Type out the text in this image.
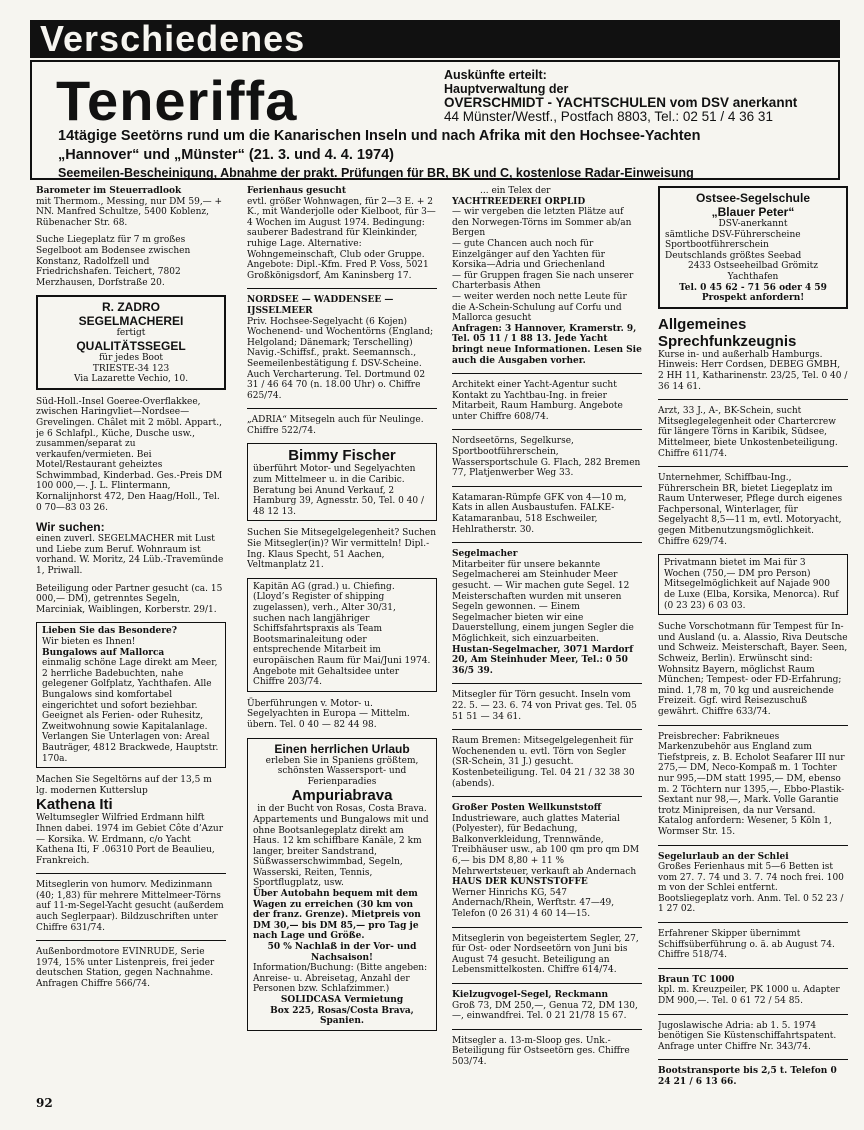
Verschiedenes
Teneriffa	Auskünfte erteilt:
Hauptverwaltung der
OVERSCHMIDT - YACHTSCHULEN vom DSV anerkannt
44 Münster/Westf., Postfach 8803, Tel.: 02 51 / 4 36 31
14tägige Seetörns rund um die Kanarischen Inseln und nach Afrika mit den Hochsee-Yachten
„Hannover“ und „Münster“ (21. 3. und 4. 4. 1974)
Seemeilen-Bescheinigung, Abnahme der prakt. Prüfungen für BR, BK und C, kostenlose Radar-Einweisung

Barometer im Steuerradlook

mit Thermom., Messing, nur DM 59,— + NN. Manfred Schultze, 5400 Koblenz, Rübenacher Str. 68.

Suche Liegeplatz für 7 m großes Segelboot am Bodensee zwischen Konstanz, Radolfzell und Friedrichshafen. Teichert, 7802 Merzhausen, Dorfstraße 20.

R. ZADRO

SEGELMACHEREI

fertigt

QUALITÄTSSEGEL

für jedes Boot

TRIESTE-34 123

Via Lazarette Vechio, 10.

Süd-Holl.-Insel Goeree-Overflakkee, zwischen Haringvliet—Nordsee—Grevelingen. Châlet mit 2 möbl. Appart., je 6 Schlafpl., Küche, Dusche usw., zusammen/separat zu verkaufen/vermieten. Bei Motel/Restaurant geheiztes Schwimmbad, Kinderbad. Ges.-Preis DM 100 000,—. J. L. Flintermann, Kornalijnhorst 472, Den Haag/Holl., Tel. 0 70—83 03 26.

Wir suchen:

einen zuverl. SEGELMACHER mit Lust und Liebe zum Beruf. Wohnraum ist vorhand. W. Moritz, 24 Lüb.-Travemünde 1, Priwall.

Beteiligung oder Partner gesucht (ca. 15 000,— DM), getrenntes Segeln, Marciniak, Waiblingen, Korberstr. 29/1.

Lieben Sie das Besondere?

Wir bieten es Ihnen!

Bungalows auf Mallorca

einmalig schöne Lage direkt am Meer, 2 herrliche Badebuchten, nahe gelegener Golfplatz, Yachthafen. Alle Bungalows sind komfortabel eingerichtet und sofort beziehbar. Geeignet als Ferien- oder Ruhesitz, Zweitwohnung sowie Kapitalanlage. Verlangen Sie Unterlagen von: Areal Bauträger, 4812 Brackwede, Hauptstr. 170a.

Machen Sie Segeltörns auf der 13,5 m lg. modernen Kutterslup

Kathena Iti

Weltumsegler Wilfried Erdmann hilft Ihnen dabei. 1974 im Gebiet Côte d’Azur — Korsika. W. Erdmann, c/o Yacht Kathena Iti, F .06310 Port de Beaulieu, Frankreich.

Mitseglerin von humorv. Medizinmann (40; 1,83) für mehrere Mittelmeer-Törns auf 11-m-Segel-Yacht gesucht (außerdem auch Seglerpaar). Bildzuschriften unter Chiffre 631/74.

Außenbordmotore EVINRUDE, Serie 1974, 15% unter Listenpreis, frei jeder deutschen Station, gegen Nachnahme. Anfragen Chiffre 566/74.

Ferienhaus gesucht

evtl. größer Wohnwagen, für 2—3 E. + 2 K., mit Wanderjolle oder Kielboot, für 3—4 Wochen im August 1974. Bedingung: sauberer Badestrand für Kleinkinder, ruhige Lage. Alternative: Wohngemeinschaft, Club oder Gruppe. Angebote: Dipl.-Kfm. Fred P. Voss, 5021 Großkönigsdorf, Am Kaninsberg 17.

NORDSEE — WADDENSEE — IJSSELMEER

Priv. Hochsee-Segelyacht (6 Kojen) Wochenend- und Wochentörns (England; Helgoland; Dänemark; Terschelling) Navig.-Schiffsf., prakt. Seemannsch., Seemeilenbestätigung f. DSV-Scheine. Auch Vercharterung. Tel. Dortmund 02 31 / 46 64 70 (n. 18.00 Uhr) o. Chiffre 625/74.

„ADRIA“ Mitsegeln auch für Neulinge. Chiffre 522/74.

Bimmy Fischer

überführt Motor- und Segelyachten zum Mittelmeer u. in die Caribic. Beratung bei Anund Verkauf, 2 Hamburg 39, Agnesstr. 50, Tel. 0 40 / 48 12 13.

Suchen Sie Mitsegelgelegenheit? Suchen Sie Mitsegler(in)? Wir vermitteln! Dipl.-Ing. Klaus Specht, 51 Aachen, Veltmanplatz 21.

Kapitän AG (grad.) u. Chiefing. (Lloyd’s Register of shipping zugelassen), verh., Alter 30/31, suchen nach langjähriger Schiffsfahrtspraxis als Team Bootsmarinaleitung oder entsprechende Mitarbeit im europäischen Raum für Mai/Juni 1974. Angebote mit Gehaltsidee unter Chiffre 203/74.

Überführungen v. Motor- u. Segelyachten in Europa — Mittelm. übern. Tel. 0 40 — 82 44 98.

Einen herrlichen Urlaub

erleben Sie in Spaniens größtem, schönsten Wassersport- und Ferienparadies

Ampuriabrava

in der Bucht von Rosas, Costa Brava.

Appartements und Bungalows mit und ohne Bootsanlegeplatz direkt am Haus. 12 km schiffbare Kanäle, 2 km langer, breiter Sandstrand, Süßwasserschwimmbad, Segeln, Wasserski, Reiten, Tennis, Sportflugplatz, usw.

Über Autobahn bequem mit dem Wagen zu erreichen (30 km von der franz. Grenze). Mietpreis von DM 30,— bis DM 85,— pro Tag je nach Lage und Größe.

50 % Nachlaß in der Vor- und Nachsaison!

Information/Buchung: (Bitte angeben: Anreise- u. Abreisetag, Anzahl der Personen bzw. Schlafzimmer.)

SOLIDCASA Vermietung

Box 225, Rosas/Costa Brava, Spanien.

... ein Telex der

YACHTREEDEREI ORPLID

— wir vergeben die letzten Plätze auf den Norwegen-Törns im Sommer ab/an Bergen

— gute Chancen auch noch für Einzelgänger auf den Yachten für Korsika—Adria und Griechenland

— für Gruppen fragen Sie nach unserer Charterbasis Athen

— weiter werden noch nette Leute für die A-Schein-Schulung auf Corfu und Mallorca gesucht

Anfragen: 3 Hannover, Kramerstr. 9, Tel. 05 11 / 1 88 13. Jede Yacht bringt neue Informationen. Lesen Sie auch die Ausgaben vorher.

Architekt einer Yacht-Agentur sucht Kontakt zu Yachtbau-Ing. in freier Mitarbeit, Raum Hamburg. Angebote unter Chiffre 608/74.

Nordseetörns, Segelkurse, Sportbootführerschein, Wassersportschule G. Flach, 282 Bremen 77, Platjenwerber Weg 33.

Katamaran-Rümpfe GFK von 4—10 m, Kats in allen Ausbaustufen. FALKE-Katamaranbau, 518 Eschweiler, Hehlratherstr. 30.

Segelmacher

Mitarbeiter für unsere bekannte Segelmacherei am Steinhuder Meer gesucht. — Wir machen gute Segel. 12 Meisterschaften wurden mit unseren Segeln gewonnen. — Einem Segelmacher bieten wir eine Dauerstellung, einem jungen Segler die Möglichkeit, sich einzuarbeiten.

Hustan-Segelmacher, 3071 Mardorf 20, Am Steinhuder Meer, Tel.: 0 50 36/5 39.

Mitsegler für Törn gesucht. Inseln vom 22. 5. — 23. 6. 74 von Privat ges. Tel. 05 51 51 — 34 61.

Raum Bremen: Mitsegelgelegenheit für Wochenenden u. evtl. Törn von Segler (SR-Schein, 31 J.) gesucht. Kostenbeteiligung. Tel. 04 21 / 32 38 30 (abends).

Großer Posten Wellkunststoff

Industrieware, auch glattes Material (Polyester), für Bedachung, Balkonverkleidung, Trennwände, Treibhäuser usw., ab 100 qm pro qm DM 6,— bis DM 8,80 + 11 % Mehrwertsteuer, verkauft ab Andernach

HAUS DER KUNSTSTOFFE

Werner Hinrichs KG, 547 Andernach/Rhein, Werftstr. 47—49, Telefon (0 26 31) 4 60 14—15.

Mitseglerin von begeistertem Segler, 27, für Ost- oder Nordseetörn von Juni bis August 74 gesucht. Beteiligung an Lebensmittelkosten. Chiffre 614/74.

Kielzugvogel-Segel, Reckmann

Groß 73, DM 250,—, Genua 72, DM 130,—, einwandfrei. Tel. 0 21 21/78 15 67.

Mitsegler a. 13-m-Sloop ges. Unk.-Beteiligung für Ostseetörn ges. Chiffre 503/74.

Ostsee-Segelschule

„Blauer Peter“

DSV-anerkannt

sämtliche DSV-Führerscheine

Sportbootführerschein

Deutschlands größtes Seebad

2433 Ostseeheilbad Grömitz

Yachthafen

Tel. 0 45 62 - 71 56 oder 4 59

Prospekt anfordern!

Allgemeines Sprechfunkzeugnis

Kurse in- und außerhalb Hamburgs. Hinweis: Herr Cordsen, DEBEG GMBH, 2 HH 11, Katharinenstr. 23/25, Tel. 0 40 / 36 14 61.

Arzt, 33 J., A-, BK-Schein, sucht Mitseglegelegenheit oder Chartercrew für längere Törns in Karibik, Südsee, Mittelmeer, biete Unkostenbeteiligung. Chiffre 611/74.

Unternehmer, Schiffbau-Ing., Führerschein BR, bietet Liegeplatz im Raum Unterweser, Pflege durch eigenes Fachpersonal, Winterlager, für Segelyacht 8,5—11 m, evtl. Motoryacht, gegen Mitbenutzungsmöglichkeit. Chiffre 629/74.

Privatmann bietet im Mai für 3 Wochen (750,— DM pro Person) Mitsegelmöglichkeit auf Najade 900 de Luxe (Elba, Korsika, Menorca). Ruf (0 23 23) 6 03 03.

Suche Vorschotmann für Tempest für In- und Ausland (u. a. Alassio, Riva Deutsche und Schweiz. Meisterschaft, Bayer. Seen, Schweiz, Berlin). Erwünscht sind: Wohnsitz Bayern, möglichst Raum München; Tempest- oder FD-Erfahrung; mind. 1,78 m, 70 kg und ausreichende Freizeit. Ggf. wird Reisezuschuß gewährt. Chiffre 633/74.

Preisbrecher: Fabrikneues Markenzubehör aus England zum Tiefstpreis, z. B. Echolot Seafarer III nur 275,— DM, Neco-Kompaß m. 1 Tochter nur 995,—DM statt 1995,— DM, ebenso m. 2 Töchtern nur 1395,—, Ebbo-Plastik-Sextant nur 98,—, Mark. Volle Garantie trotz Minipreisen, da nur Versand. Katalog anfordern: Wesener, 5 Köln 1, Wormser Str. 15.

Segelurlaub an der Schlei

Großes Ferienhaus mit 5—6 Betten ist vom 27. 7. 74 und 3. 7. 74 noch frei. 100 m von der Schlei entfernt. Bootsliegeplatz vorh. Anm. Tel. 0 52 23 / 1 27 02.

Erfahrener Skipper übernimmt Schiffsüberführung o. ä. ab August 74. Chiffre 518/74.

Braun TC 1000

kpl. m. Kreuzpeiler, PK 1000 u. Adapter DM 900,—. Tel. 0 61 72 / 54 85.

Jugoslawische Adria: ab 1. 5. 1974 benötigen Sie Küstenschiffahrtspatent. Anfrage unter Chiffre Nr. 343/74.

Bootstransporte bis 2,5 t. Telefon 0 24 21 / 6 13 66.

92
